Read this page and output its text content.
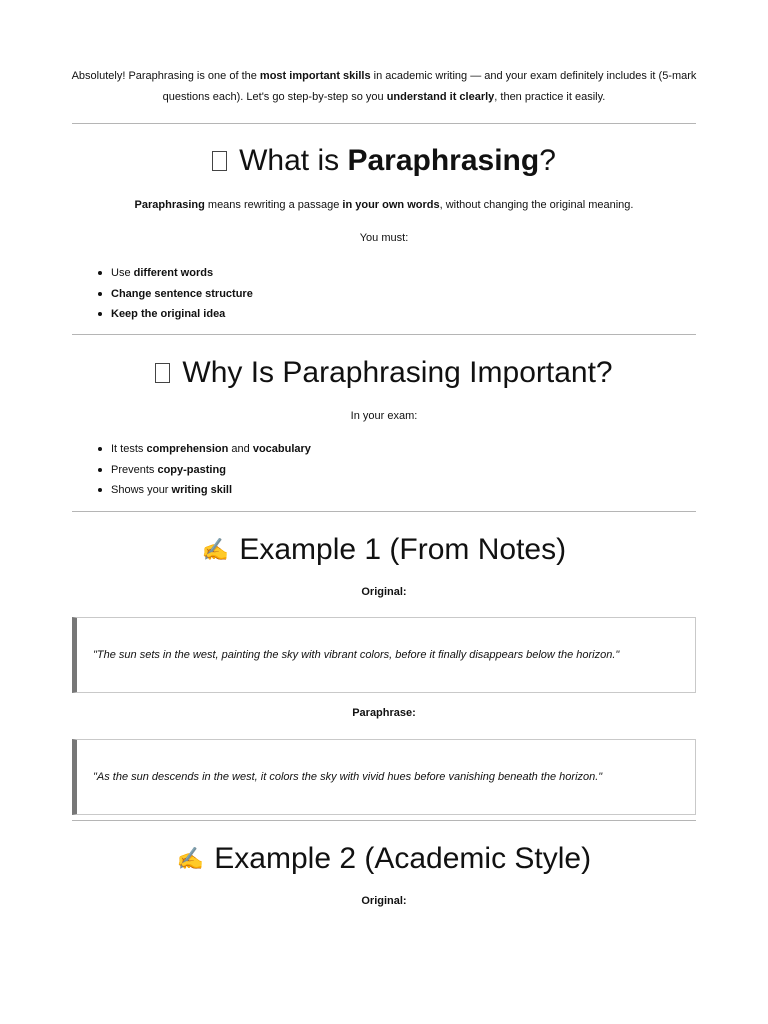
Absolutely! Paraphrasing is one of the most important skills in academic writing — and your exam definitely includes it (5-mark questions each). Let's go step-by-step so you understand it clearly, then practice it easily.

What is Paraphrasing?

Paraphrasing means rewriting a passage in your own words, without changing the original meaning.

You must:

Use different words
Change sentence structure
Keep the original idea
Why Is Paraphrasing Important?

In your exam:

It tests comprehension and vocabulary
Prevents copy-pasting
Shows your writing skill
✍ Example 1 (From Notes)

Original:

"The sun sets in the west, painting the sky with vibrant colors, before it finally disappears below the horizon."

Paraphrase:

"As the sun descends in the west, it colors the sky with vivid hues before vanishing beneath the horizon."
✍ Example 2 (Academic Style)

Original:
